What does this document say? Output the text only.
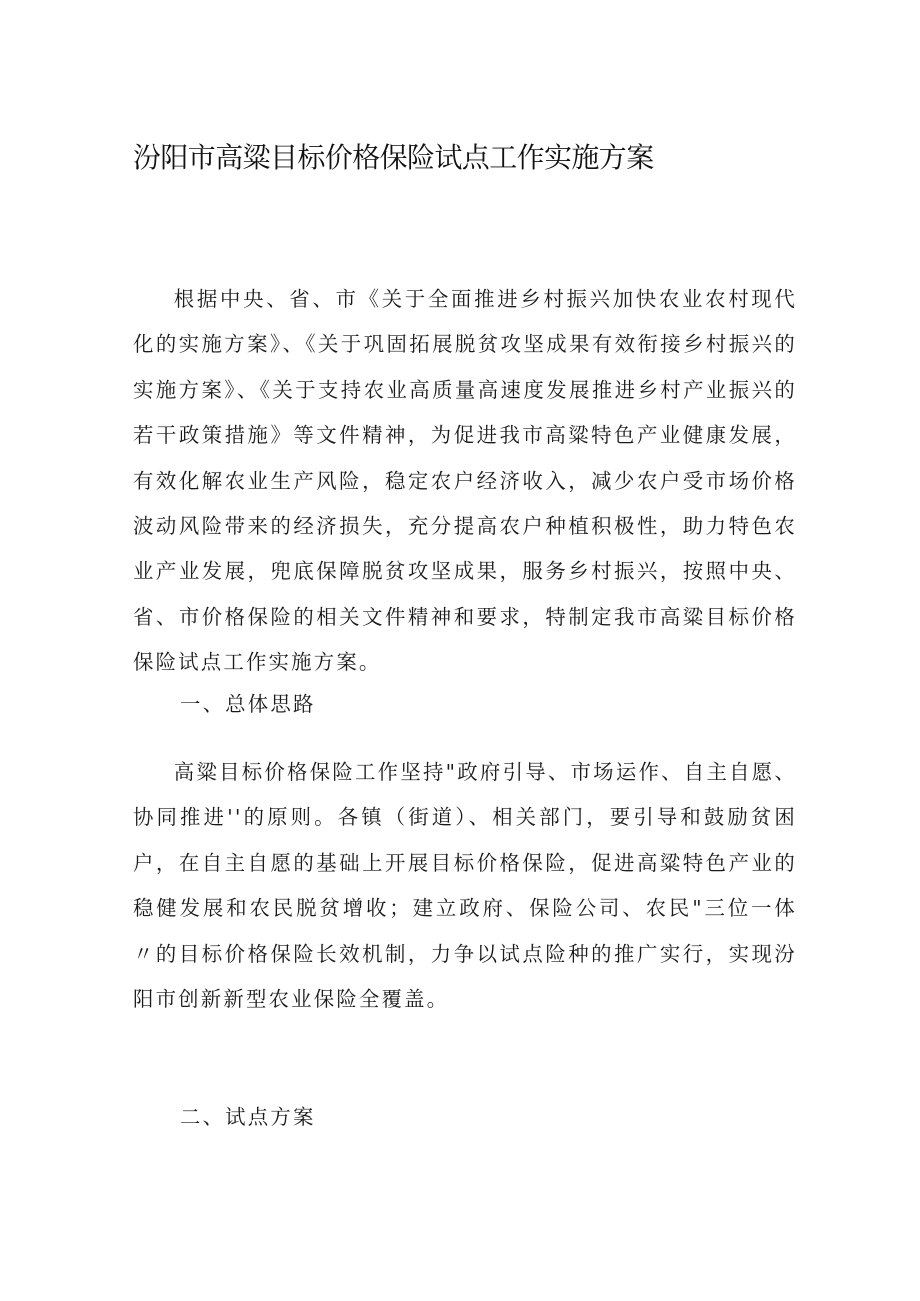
汾阳市高粱目标价格保险试点工作实施方案

根据中央、省、市《关于全面推进乡村振兴加快农业农村现代化的实施方案》、《关于巩固拓展脱贫攻坚成果有效衔接乡村振兴的实施方案》、《关于支持农业高质量高速度发展推进乡村产业振兴的若干政策措施》等文件精神，为促进我市高粱特色产业健康发展，有效化解农业生产风险，稳定农户经济收入，减少农户受市场价格波动风险带来的经济损失，充分提高农户种植积极性，助力特色农业产业发展，兜底保障脱贫攻坚成果，服务乡村振兴，按照中央、省、市价格保险的相关文件精神和要求，特制定我市高粱目标价格保险试点工作实施方案。

一、总体思路

高粱目标价格保险工作坚持"政府引导、市场运作、自主自愿、协同推进''的原则。各镇（街道）、相关部门，要引导和鼓励贫困户，在自主自愿的基础上开展目标价格保险，促进高粱特色产业的稳健发展和农民脱贫增收；建立政府、保险公司、农民"三位一体〃的目标价格保险长效机制，力争以试点险种的推广实行，实现汾阳市创新新型农业保险全覆盖。

二、试点方案
